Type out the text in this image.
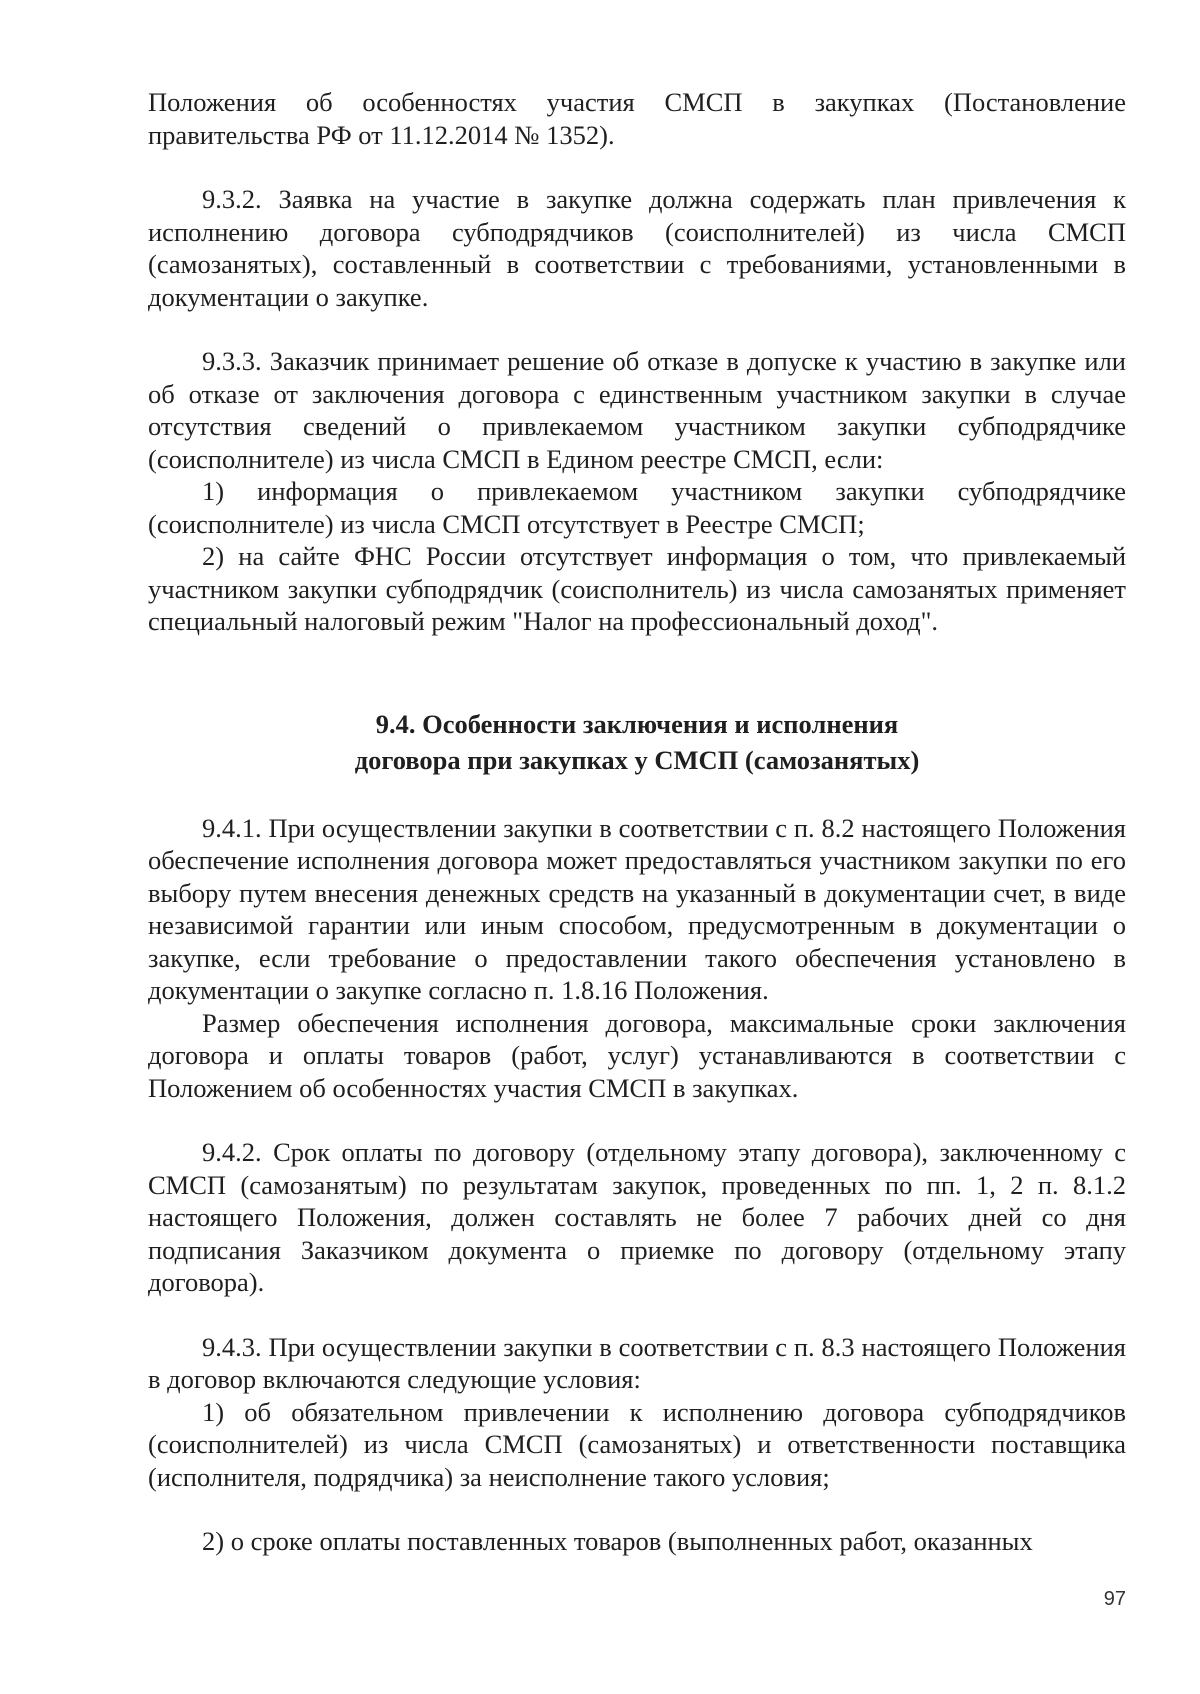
Положения об особенностях участия СМСП в закупках (Постановление правительства РФ от 11.12.2014 № 1352).

9.3.2. Заявка на участие в закупке должна содержать план привлечения к исполнению договора субподрядчиков (соисполнителей) из числа СМСП (самозанятых), составленный в соответствии с требованиями, установленными в документации о закупке.

9.3.3. Заказчик принимает решение об отказе в допуске к участию в закупке или об отказе от заключения договора с единственным участником закупки в случае отсутствия сведений о привлекаемом участником закупки субподрядчике (соисполнителе) из числа СМСП в Едином реестре СМСП, если:

1) информация о привлекаемом участником закупки субподрядчике (соисполнителе) из числа СМСП отсутствует в Реестре СМСП;

2) на сайте ФНС России отсутствует информация о том, что привлекаемый участником закупки субподрядчик (соисполнитель) из числа самозанятых применяет специальный налоговый режим "Налог на профессиональный доход".

9.4. Особенности заключения и исполнения
договора при закупках у СМСП (самозанятых)

9.4.1. При осуществлении закупки в соответствии с п. 8.2 настоящего Положения обеспечение исполнения договора может предоставляться участником закупки по его выбору путем внесения денежных средств на указанный в документации счет, в виде независимой гарантии или иным способом, предусмотренным в документации о закупке, если требование о предоставлении такого обеспечения установлено в документации о закупке согласно п. 1.8.16 Положения.

Размер обеспечения исполнения договора, максимальные сроки заключения договора и оплаты товаров (работ, услуг) устанавливаются в соответствии с Положением об особенностях участия СМСП в закупках.

9.4.2. Срок оплаты по договору (отдельному этапу договора), заключенному с СМСП (самозанятым) по результатам закупок, проведенных по пп. 1, 2 п. 8.1.2 настоящего Положения, должен составлять не более 7 рабочих дней со дня подписания Заказчиком документа о приемке по договору (отдельному этапу договора).

9.4.3. При осуществлении закупки в соответствии с п. 8.3 настоящего Положения в договор включаются следующие условия:

1) об обязательном привлечении к исполнению договора субподрядчиков (соисполнителей) из числа СМСП (самозанятых) и ответственности поставщика (исполнителя, подрядчика) за неисполнение такого условия;

2) о сроке оплаты поставленных товаров (выполненных работ, оказанных

97
